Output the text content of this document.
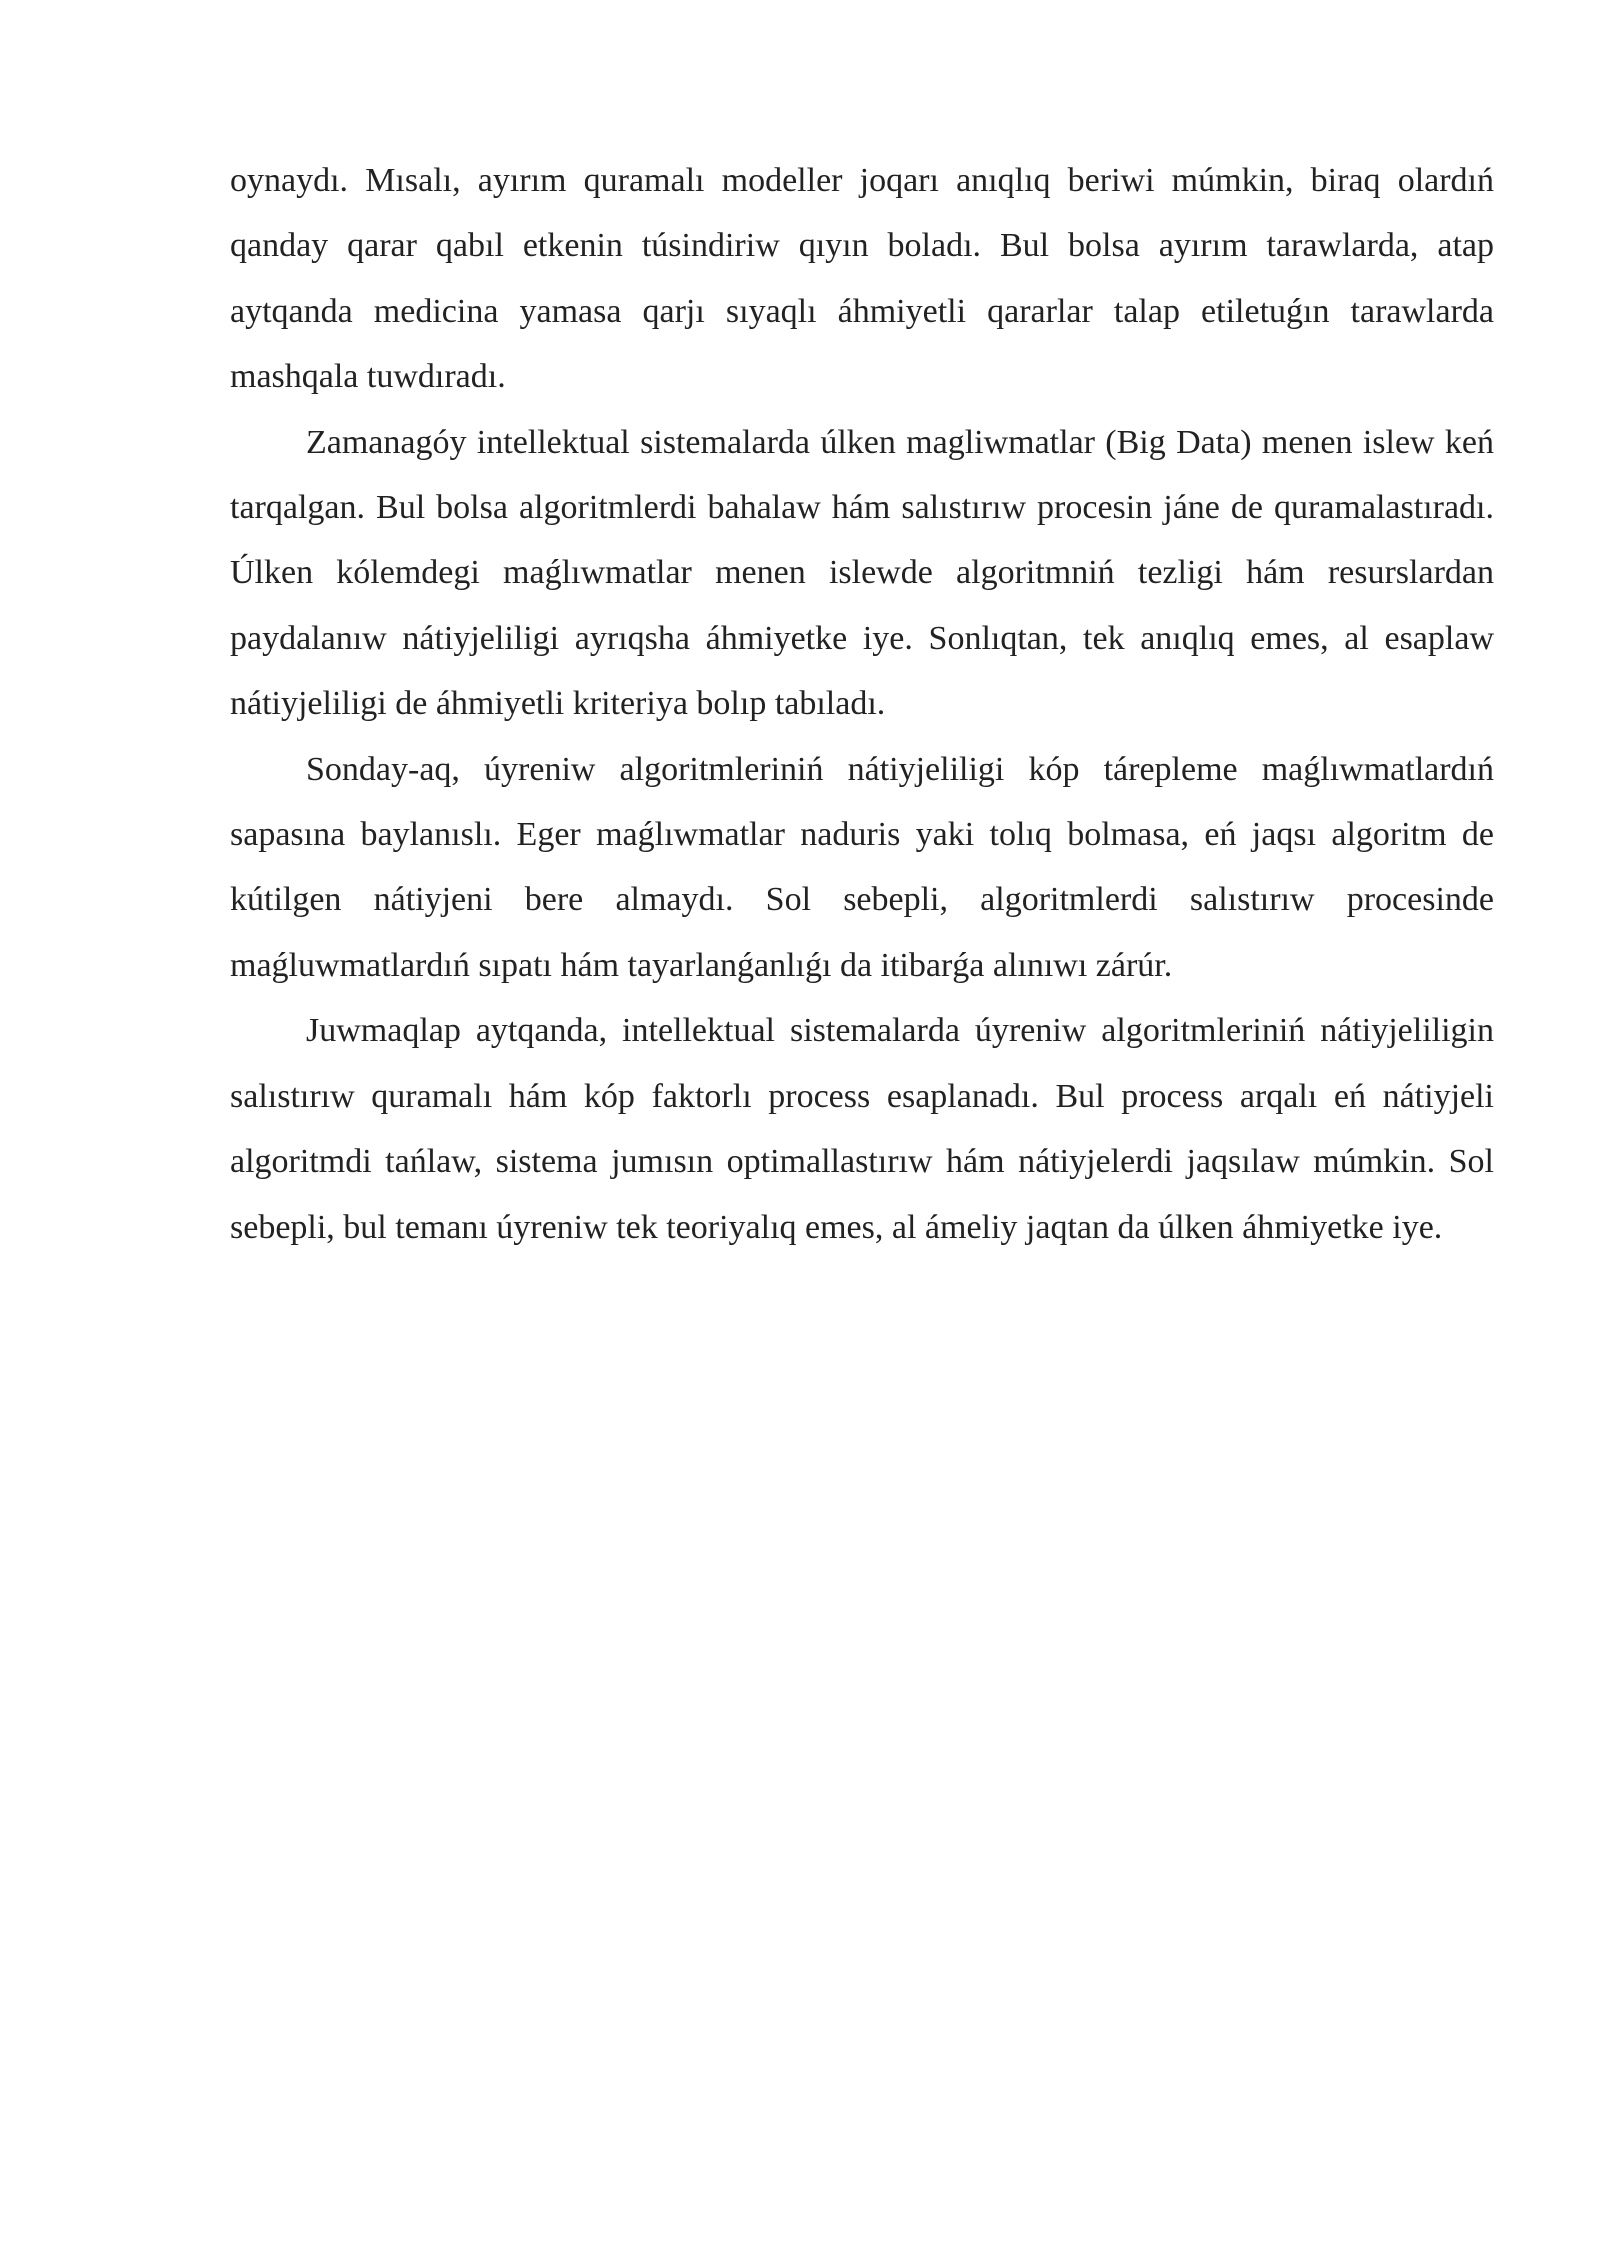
oynaydı. Mısalı, ayırım quramalı modeller joqarı anıqlıq beriwi múmkin, biraq olardıń qanday qarar qabıl etkenin túsindiriw qıyın boladı. Bul bolsa ayırım tarawlarda, atap aytqanda medicina yamasa qarjı sıyaqlı áhmiyetli qararlar talap etiletuǵın tarawlarda mashqala tuwdıradı.

Zamanagóy intellektual sistemalarda úlken magliwmatlar (Big Data) menen islew keń tarqalgan. Bul bolsa algoritmlerdi bahalaw hám salıstırıw procesin jáne de quramalastıradı. Úlken kólemdegi maǵlıwmatlar menen islewde algoritmniń tezligi hám resurslardan paydalanıw nátiyjeliligi ayrıqsha áhmiyetke iye. Sonlıqtan, tek anıqlıq emes, al esaplaw nátiyjeliligi de áhmiyetli kriteriya bolıp tabıladı.

Sonday-aq, úyreniw algoritmleriniń nátiyjeliligi kóp tárepleme maǵlıwmatlardıń sapasına baylanıslı. Eger maǵlıwmatlar naduris yaki tolıq bolmasa, eń jaqsı algoritm de kútilgen nátiyjeni bere almaydı. Sol sebepli, algoritmlerdi salıstırıw procesinde maǵluwmatlardıń sıpatı hám tayarlanǵanlıǵı da itibarǵa alınıwı zárúr.

Juwmaqlap aytqanda, intellektual sistemalarda úyreniw algoritmleriniń nátiyjeliligin salıstırıw quramalı hám kóp faktorlı process esaplanadı. Bul process arqalı eń nátiyjeli algoritmdi tańlaw, sistema jumısın optimallastırıw hám nátiyjelerdi jaqsılaw múmkin. Sol sebepli, bul temanı úyreniw tek teoriyalıq emes, al ámeliy jaqtan da úlken áhmiyetke iye.
